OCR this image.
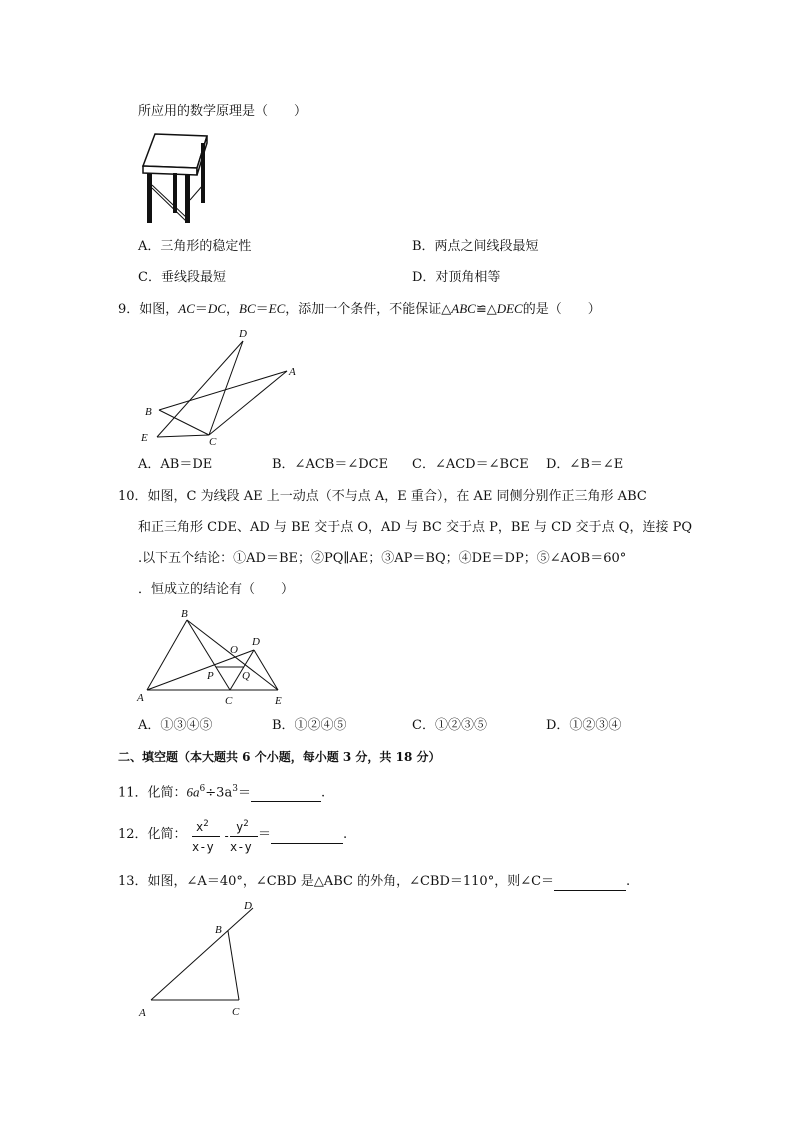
所应用的数学原理是（　　）
A．三角形的稳定性	B．两点之间线段最短
C．垂线段最短	D．对顶角相等
9．如图，AC＝DC，BC＝EC，添加一个条件，不能保证△ABC≌△DEC的是（　　）
D
A
B
E	C
A．AB＝DE	B．∠ACB＝∠DCE C．∠ACD＝∠BCE D．∠B＝∠E
10．如图，C 为线段 AE 上一动点（不与点 A，E 重合），在 AE 同侧分别作正三角形 ABC
和正三角形 CDE、AD 与 BE 交于点 O，AD 与 BC 交于点 P，BE 与 CD 交于点 Q，连接 PQ
.以下五个结论：①AD＝BE；②PQ∥AE；③AP＝BQ；④DE＝DP；⑤∠AOB＝60°
．恒成立的结论有（　　）
B
D
O
P	Q
A	C	E
A．①③④⑤	B．①②④⑤	C．①②③⑤	D．①②③④
二、填空题（本大题共 6 个小题，每小题 3 分，共 18 分）
11．化简：$6a^6\div 3a^3=$	.
12．化简： $x^2$
x-y
-
$y^2$
x-y
＝	.
13．如图，∠A＝40°，∠CBD 是△ABC 的外角，∠CBD＝110°，则∠C＝	.
D
B
A	C
